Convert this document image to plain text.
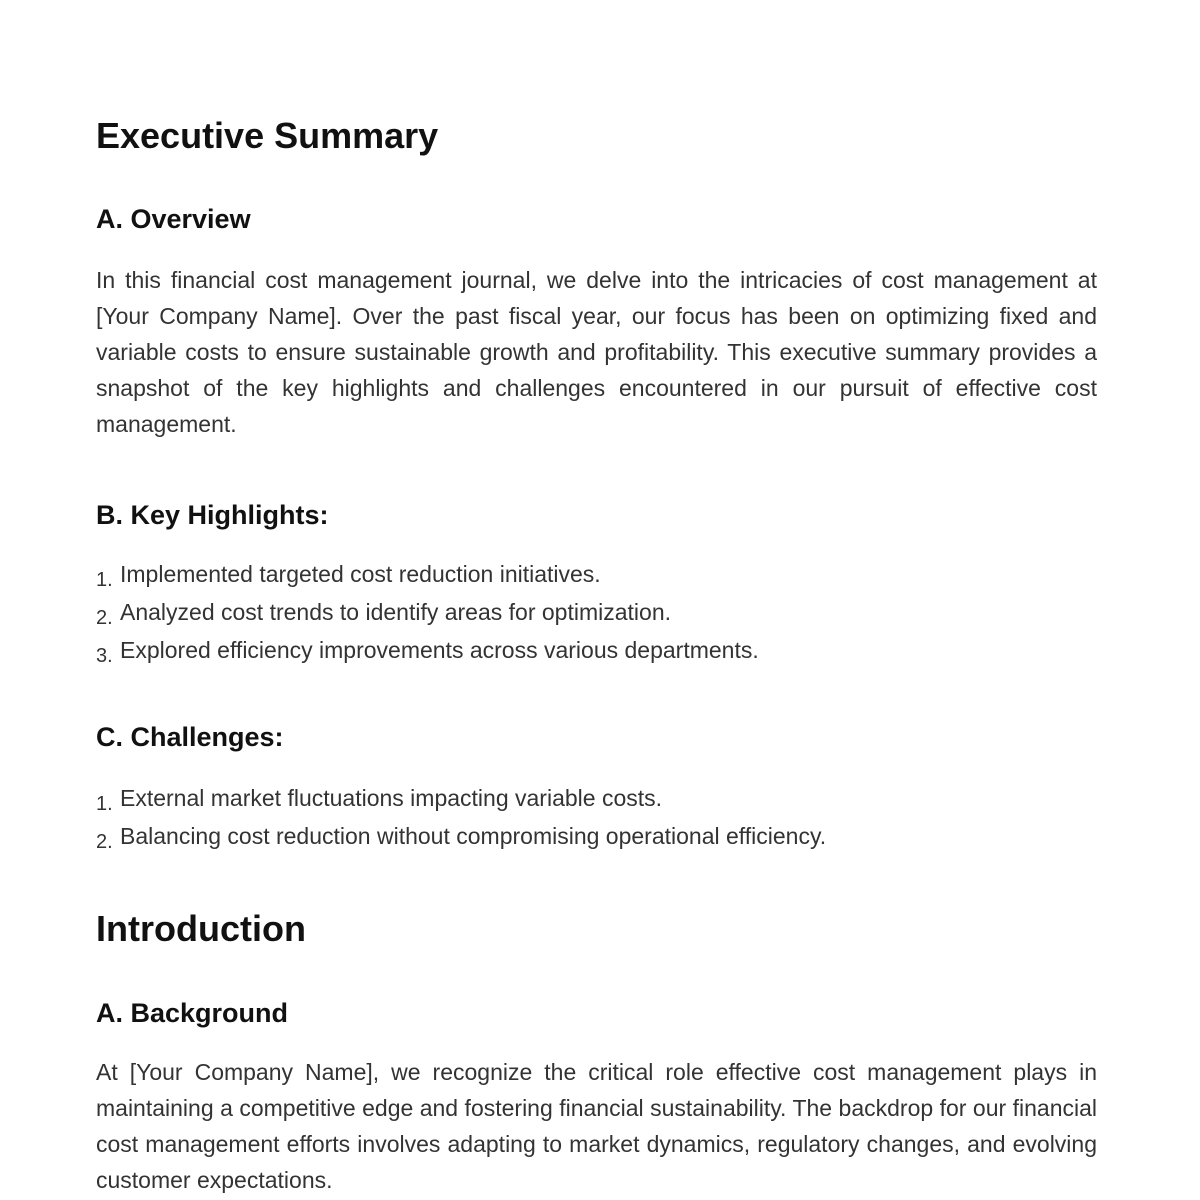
Executive Summary
A. Overview

In this financial cost management journal, we delve into the intricacies of cost management at [Your Company Name]. Over the past fiscal year, our focus has been on optimizing fixed and variable costs to ensure sustainable growth and profitability. This executive summary provides a snapshot of the key highlights and challenges encountered in our pursuit of effective cost management.

B. Key Highlights:
1. Implemented targeted cost reduction initiatives.
2. Analyzed cost trends to identify areas for optimization.
3. Explored efficiency improvements across various departments.
C. Challenges:
1. External market fluctuations impacting variable costs.
2. Balancing cost reduction without compromising operational efficiency.
Introduction
A. Background

At [Your Company Name], we recognize the critical role effective cost management plays in maintaining a competitive edge and fostering financial sustainability. The backdrop for our financial cost management efforts involves adapting to market dynamics, regulatory changes, and evolving customer expectations.
